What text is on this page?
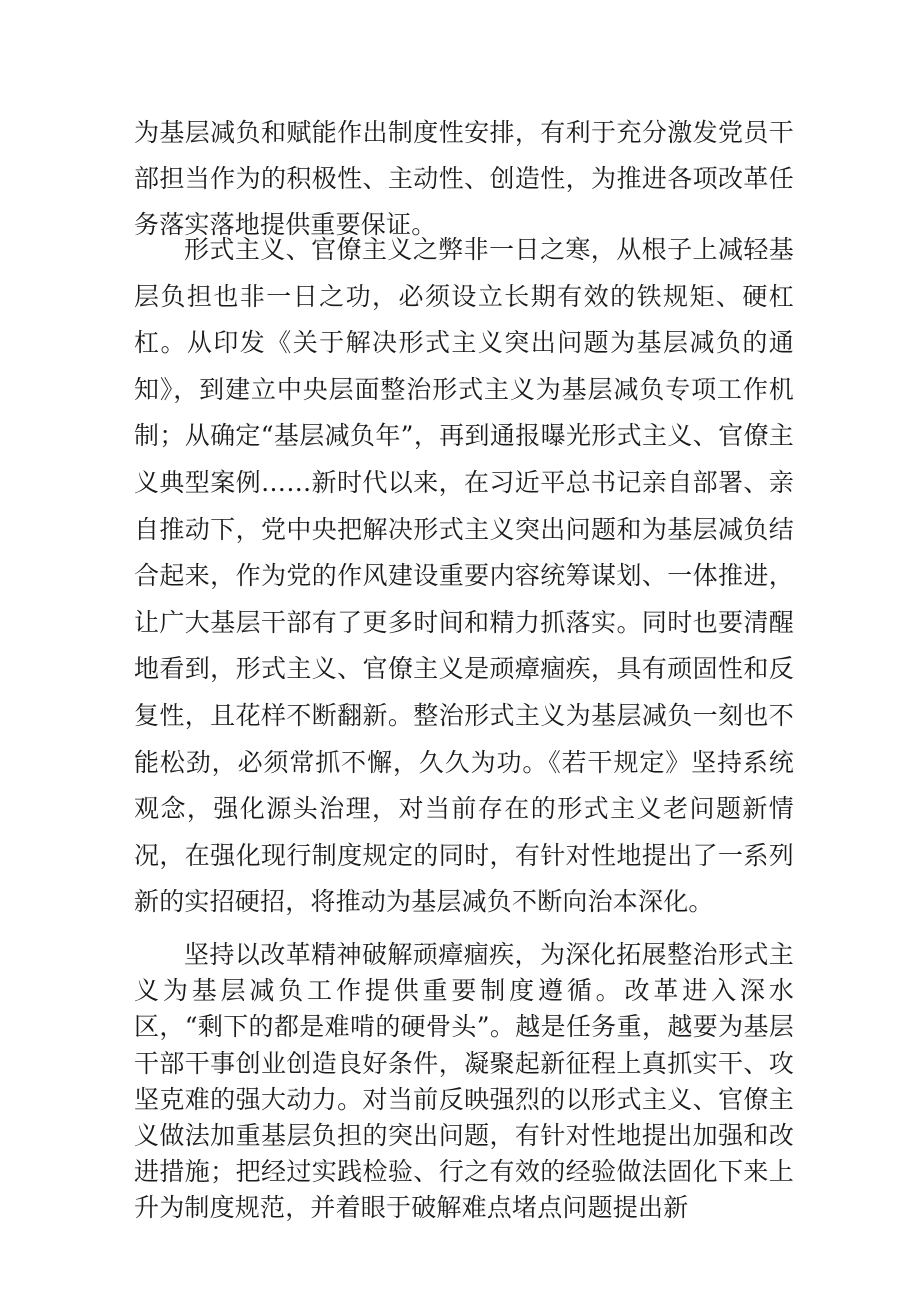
为基层减负和赋能作出制度性安排，有利于充分激发党员干部担当作为的积极性、主动性、创造性，为推进各项改革任务落实落地提供重要保证。

形式主义、官僚主义之弊非一日之寒，从根子上减轻基层负担也非一日之功，必须设立长期有效的铁规矩、硬杠杠。从印发《关于解决形式主义突出问题为基层减负的通知》，到建立中央层面整治形式主义为基层减负专项工作机制；从确定“基层减负年”，再到通报曝光形式主义、官僚主义典型案例……新时代以来，在习近平总书记亲自部署、亲自推动下，党中央把解决形式主义突出问题和为基层减负结合起来，作为党的作风建设重要内容统筹谋划、一体推进，让广大基层干部有了更多时间和精力抓落实。同时也要清醒地看到，形式主义、官僚主义是顽瘴痼疾，具有顽固性和反复性，且花样不断翻新。整治形式主义为基层减负一刻也不能松劲，必须常抓不懈，久久为功。《若干规定》坚持系统观念，强化源头治理，对当前存在的形式主义老问题新情况，在强化现行制度规定的同时，有针对性地提出了一系列新的实招硬招，将推动为基层减负不断向治本深化。

坚持以改革精神破解顽瘴痼疾，为深化拓展整治形式主义为基层减负工作提供重要制度遵循。改革进入深水区，“剩下的都是难啃的硬骨头”。越是任务重，越要为基层干部干事创业创造良好条件，凝聚起新征程上真抓实干、攻坚克难的强大动力。对当前反映强烈的以形式主义、官僚主义做法加重基层负担的突出问题，有针对性地提出加强和改进措施；把经过实践检验、行之有效的经验做法固化下来上升为制度规范，并着眼于破解难点堵点问题提出新
